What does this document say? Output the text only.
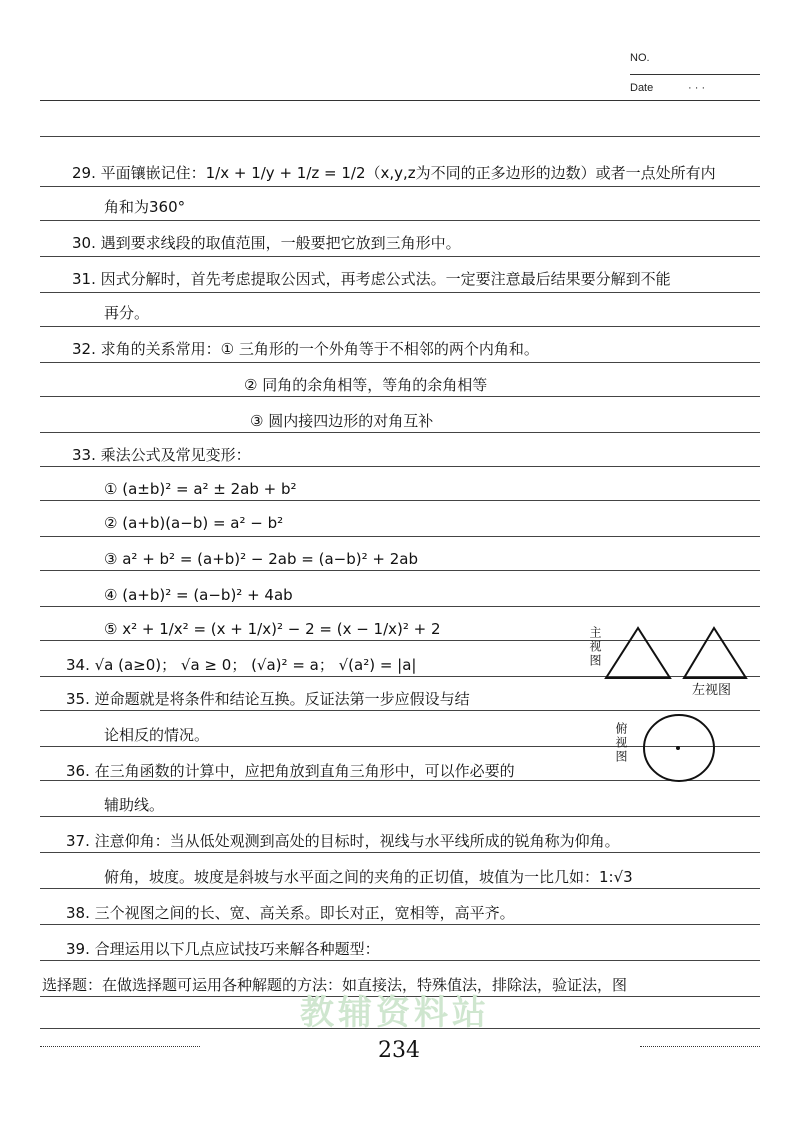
NO.
Date	· · ·
教辅资料站
29. 平面镶嵌记住：1/x + 1/y + 1/z = 1/2（x,y,z为不同的正多边形的边数）或者一点处所有内
角和为360°
30. 遇到要求线段的取值范围，一般要把它放到三角形中。
31. 因式分解时，首先考虑提取公因式，再考虑公式法。一定要注意最后结果要分解到不能
再分。
32. 求角的关系常用：① 三角形的一个外角等于不相邻的两个内角和。
② 同角的余角相等，等角的余角相等
③ 圆内接四边形的对角互补
33. 乘法公式及常见变形：
① (a±b)² = a² ± 2ab + b²
② (a+b)(a−b) = a² − b²
③ a² + b² = (a+b)² − 2ab = (a−b)² + 2ab
④ (a+b)² = (a−b)² + 4ab
⑤ x² + 1/x² = (x + 1/x)² − 2 = (x − 1/x)² + 2
34. √a (a≥0)； √a ≥ 0； (√a)² = a； √(a²) = |a|
35. 逆命题就是将条件和结论互换。反证法第一步应假设与结
论相反的情况。
36. 在三角函数的计算中，应把角放到直角三角形中，可以作必要的
辅助线。
37. 注意仰角：当从低处观测到高处的目标时，视线与水平线所成的锐角称为仰角。
俯角，坡度。坡度是斜坡与水平面之间的夹角的正切值，坡值为一比几如：1:√3
38. 三个视图之间的长、宽、高关系。即长对正，宽相等，高平齐。
39. 合理运用以下几点应试技巧来解各种题型：
选择题：在做选择题可运用各种解题的方法：如直接法，特殊值法，排除法，验证法，图
主视图
左视图
俯视图
234
